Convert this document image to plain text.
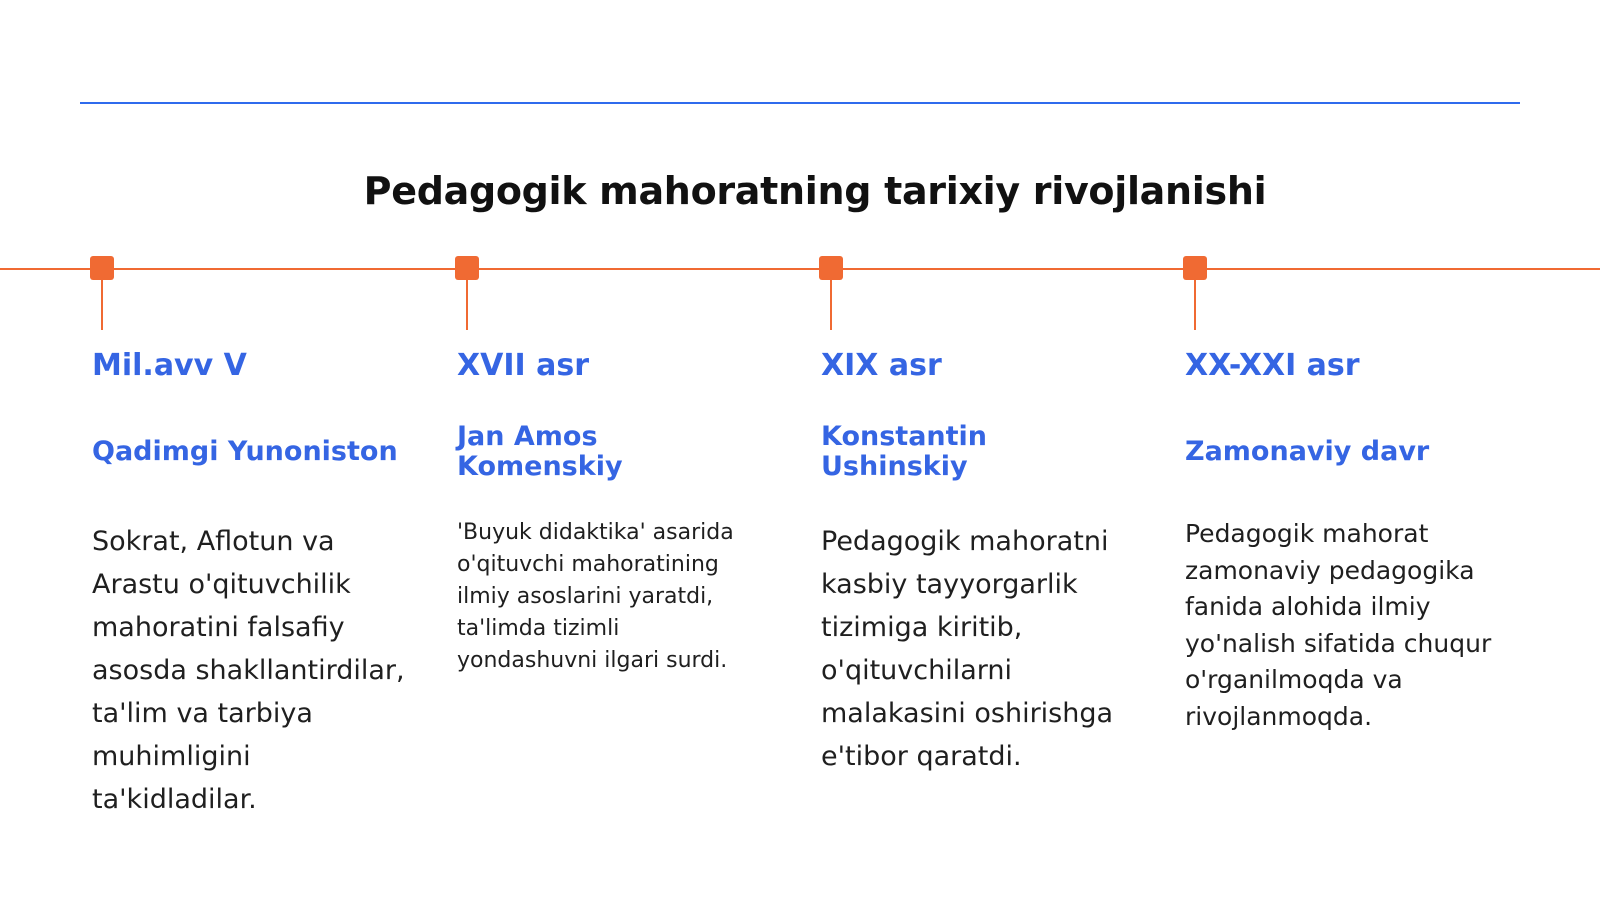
Pedagogik mahoratning tarixiy rivojlanishi
Mil.avv V
Qadimgi Yunoniston
Sokrat, Aflotun va Arastu o'qituvchilik mahoratini falsafiy asosda shakllantirdilar, ta'lim va tarbiya muhimligini ta'kidladilar.
XVII asr
Jan Amos Komenskiy
'Buyuk didaktika' asarida o'qituvchi mahoratining ilmiy asoslarini yaratdi, ta'limda tizimli yondashuvni ilgari surdi.
XIX asr
Konstantin Ushinskiy
Pedagogik mahoratni kasbiy tayyorgarlik tizimiga kiritib, o'qituvchilarni malakasini oshirishga e'tibor qaratdi.
XX-XXI asr
Zamonaviy davr
Pedagogik mahorat zamonaviy pedagogika fanida alohida ilmiy yo'nalish sifatida chuqur o'rganilmoqda va rivojlanmoqda.
